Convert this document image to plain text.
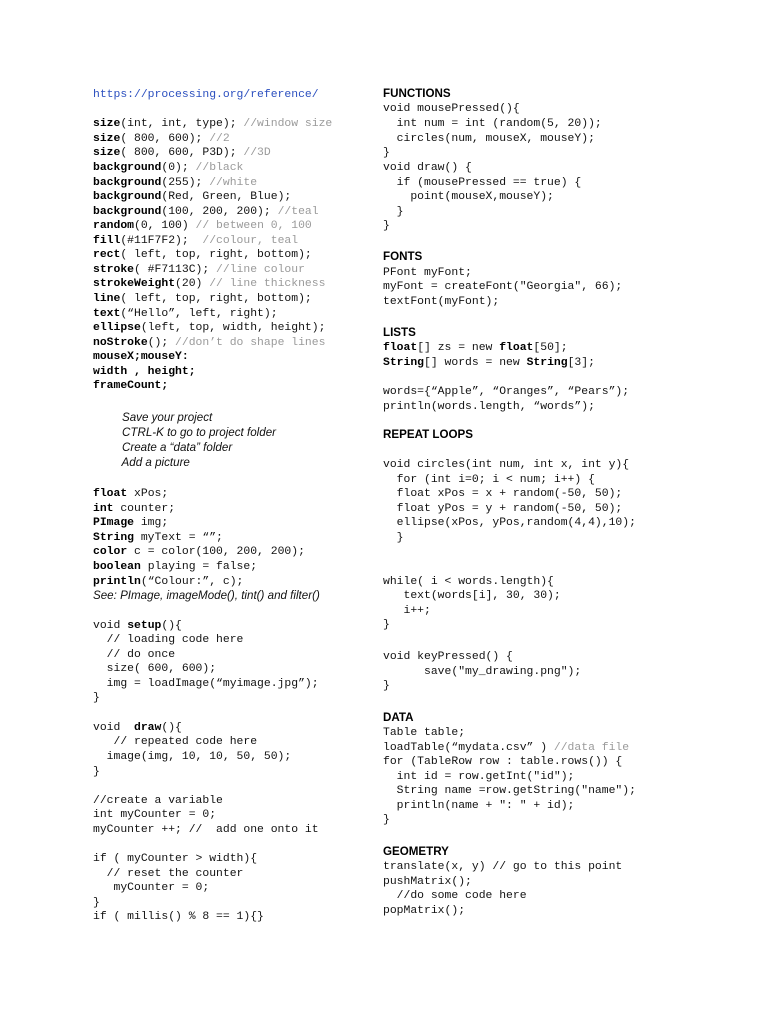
https://processing.org/reference/
size(int, int, type); //window size
size( 800, 600); //2
size( 800, 600, P3D); //3D
background(0); //black
background(255); //white
background(Red, Green, Blue);
background(100, 200, 200); //teal
random(0, 100) // between 0, 100
fill(#11F7F2);  //colour, teal
rect( left, top, right, bottom);
stroke( #F7113C); //line colour
strokeWeight(20) // line thickness
line( left, top, right, bottom);
text(“Hello”, left, right);
ellipse(left, top, width, height);
noStroke(); //don’t do shape lines
mouseX;mouseY:
width , height;
frameCount;
Save your project
CTRL-K to go to project folder
Create a “data” folder
Add a picture
float xPos;
int counter;
PImage img;
String myText = “”;
color c = color(100, 200, 200);
boolean playing = false;
println(“Colour:”, c);
See: PImage, imageMode(), tint() and filter()
void setup(){
// loading code here
// do once
size( 600, 600);
img = loadImage(“myimage.jpg”);
}
void  draw(){
// repeated code here
image(img, 10, 10, 50, 50);
}
//create a variable
int myCounter = 0;
myCounter ++; //  add one onto it
if ( myCounter > width){
// reset the counter
myCounter = 0;
}
if ( millis() % 8 == 1){}
FUNCTIONS
void mousePressed(){
int num = int (random(5, 20));
circles(num, mouseX, mouseY);
}
void draw() {
if (mousePressed == true) {
point(mouseX,mouseY);
}
}
FONTS
PFont myFont;
myFont = createFont("Georgia", 66);
textFont(myFont);
LISTS
float[] zs = new float[50];
String[] words = new String[3];
words={“Apple”, “Oranges”, “Pears”);
println(words.length, “words”);
REPEAT LOOPS
void circles(int num, int x, int y){
for (int i=0; i < num; i++) {
float xPos = x + random(-50, 50);
float yPos = y + random(-50, 50);
ellipse(xPos, yPos,random(4,4),10);
}
while( i < words.length){
text(words[i], 30, 30);
i++;
}
void keyPressed() {
save("my_drawing.png");
}
DATA
Table table;
loadTable(“mydata.csv” ) //data file
for (TableRow row : table.rows()) {
int id = row.getInt("id");
String name =row.getString("name");
println(name + ": " + id);
}
GEOMETRY
translate(x, y) // go to this point
pushMatrix();
//do some code here
popMatrix();
